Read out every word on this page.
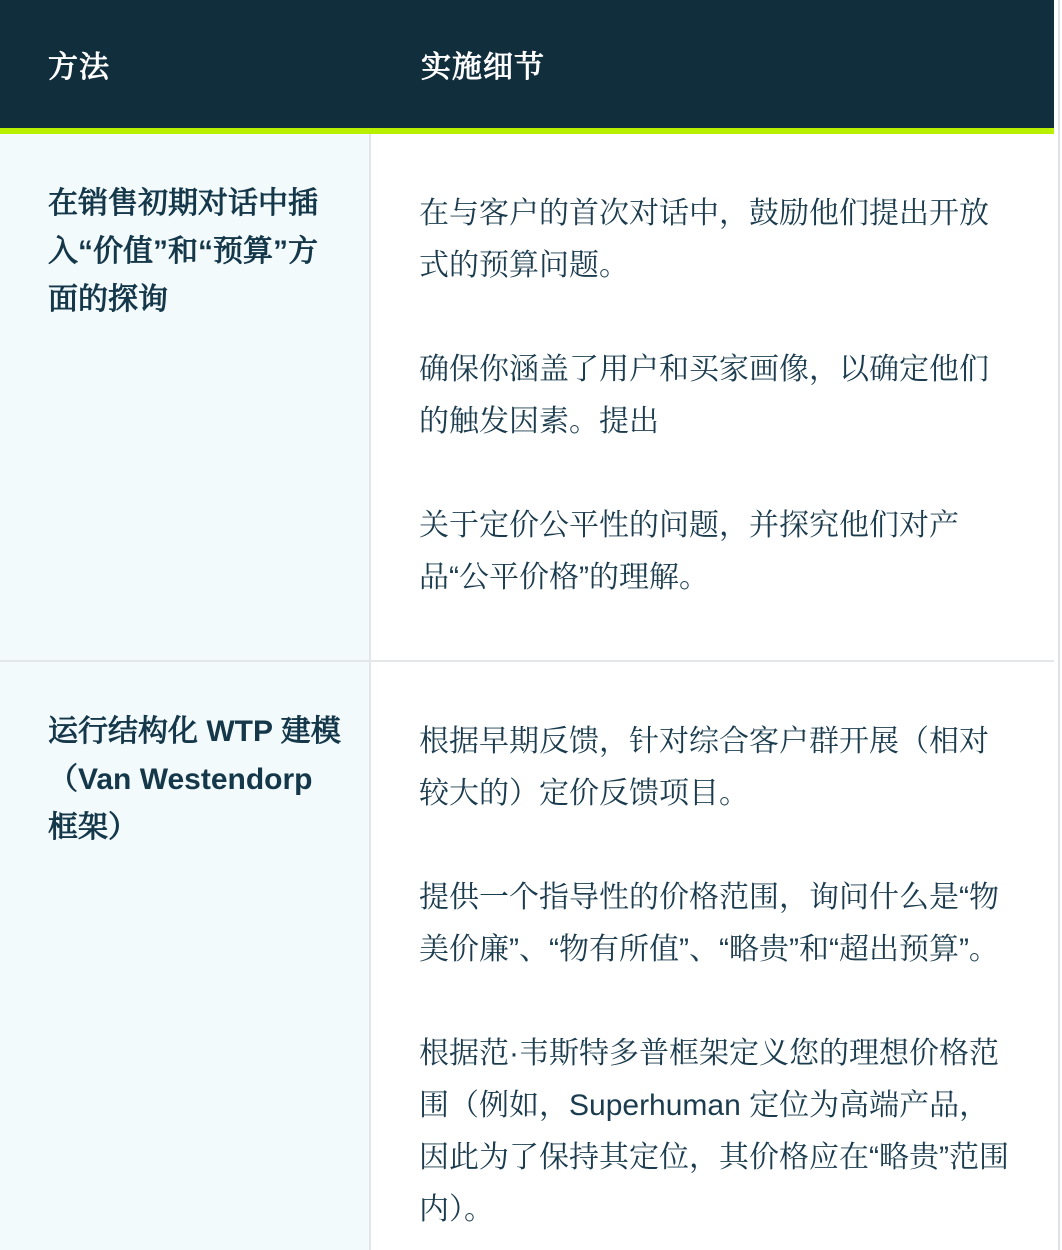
方法	实施细节
在销售初期对话中插入“价值”和“预算”方面的探询

在与客户的首次对话中，鼓励他们提出开放式的预算问题。

确保你涵盖了用户和买家画像，以确定他们的触发因素。提出

关于定价公平性的问题，并探究他们对产品“公平价格”的理解。

运行结构化 WTP 建模（Van Westendorp 框架）

根据早期反馈，针对综合客户群开展（相对较大的）定价反馈项目。

提供一个指导性的价格范围，询问什么是“物美价廉”、“物有所值”、“略贵”和“超出预算”。

根据范·韦斯特多普框架定义您的理想价格范围（例如，Superhuman 定位为高端产品，因此为了保持其定位，其价格应在“略贵”范围内）。
